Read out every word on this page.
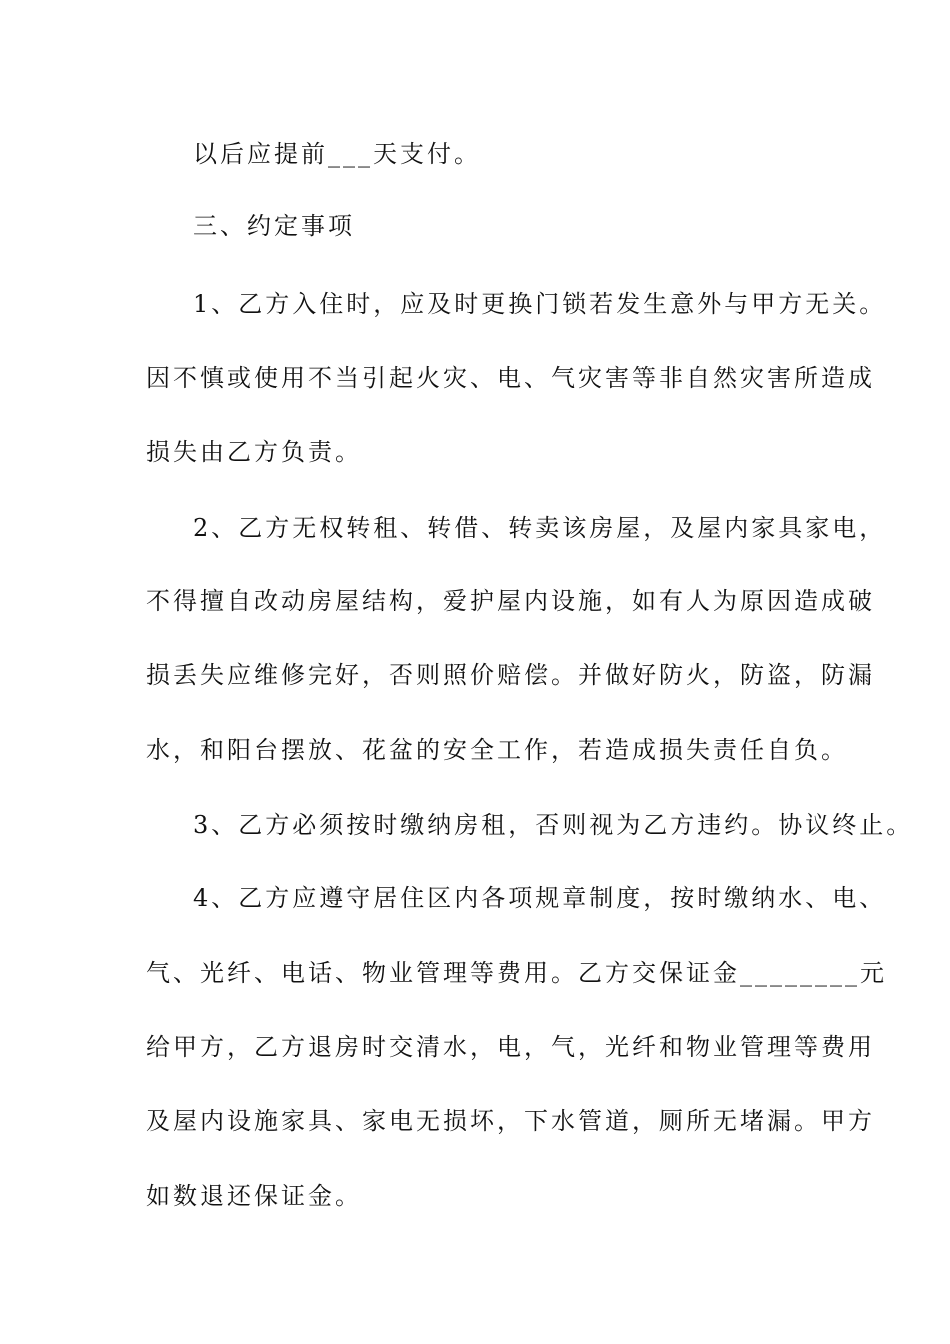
以后应提前___天支付。
三、约定事项
1、乙方入住时，应及时更换门锁若发生意外与甲方无关。
因不慎或使用不当引起火灾、电、气灾害等非自然灾害所造成
损失由乙方负责。
2、乙方无权转租、转借、转卖该房屋，及屋内家具家电，
不得擅自改动房屋结构，爱护屋内设施，如有人为原因造成破
损丢失应维修完好，否则照价赔偿。并做好防火，防盗，防漏
水，和阳台摆放、花盆的安全工作，若造成损失责任自负。
3、乙方必须按时缴纳房租，否则视为乙方违约。协议终止。
4、乙方应遵守居住区内各项规章制度，按时缴纳水、电、
气、光纤、电话、物业管理等费用。乙方交保证金________元
给甲方，乙方退房时交清水，电，气，光纤和物业管理等费用
及屋内设施家具、家电无损坏，下水管道，厕所无堵漏。甲方
如数退还保证金。
